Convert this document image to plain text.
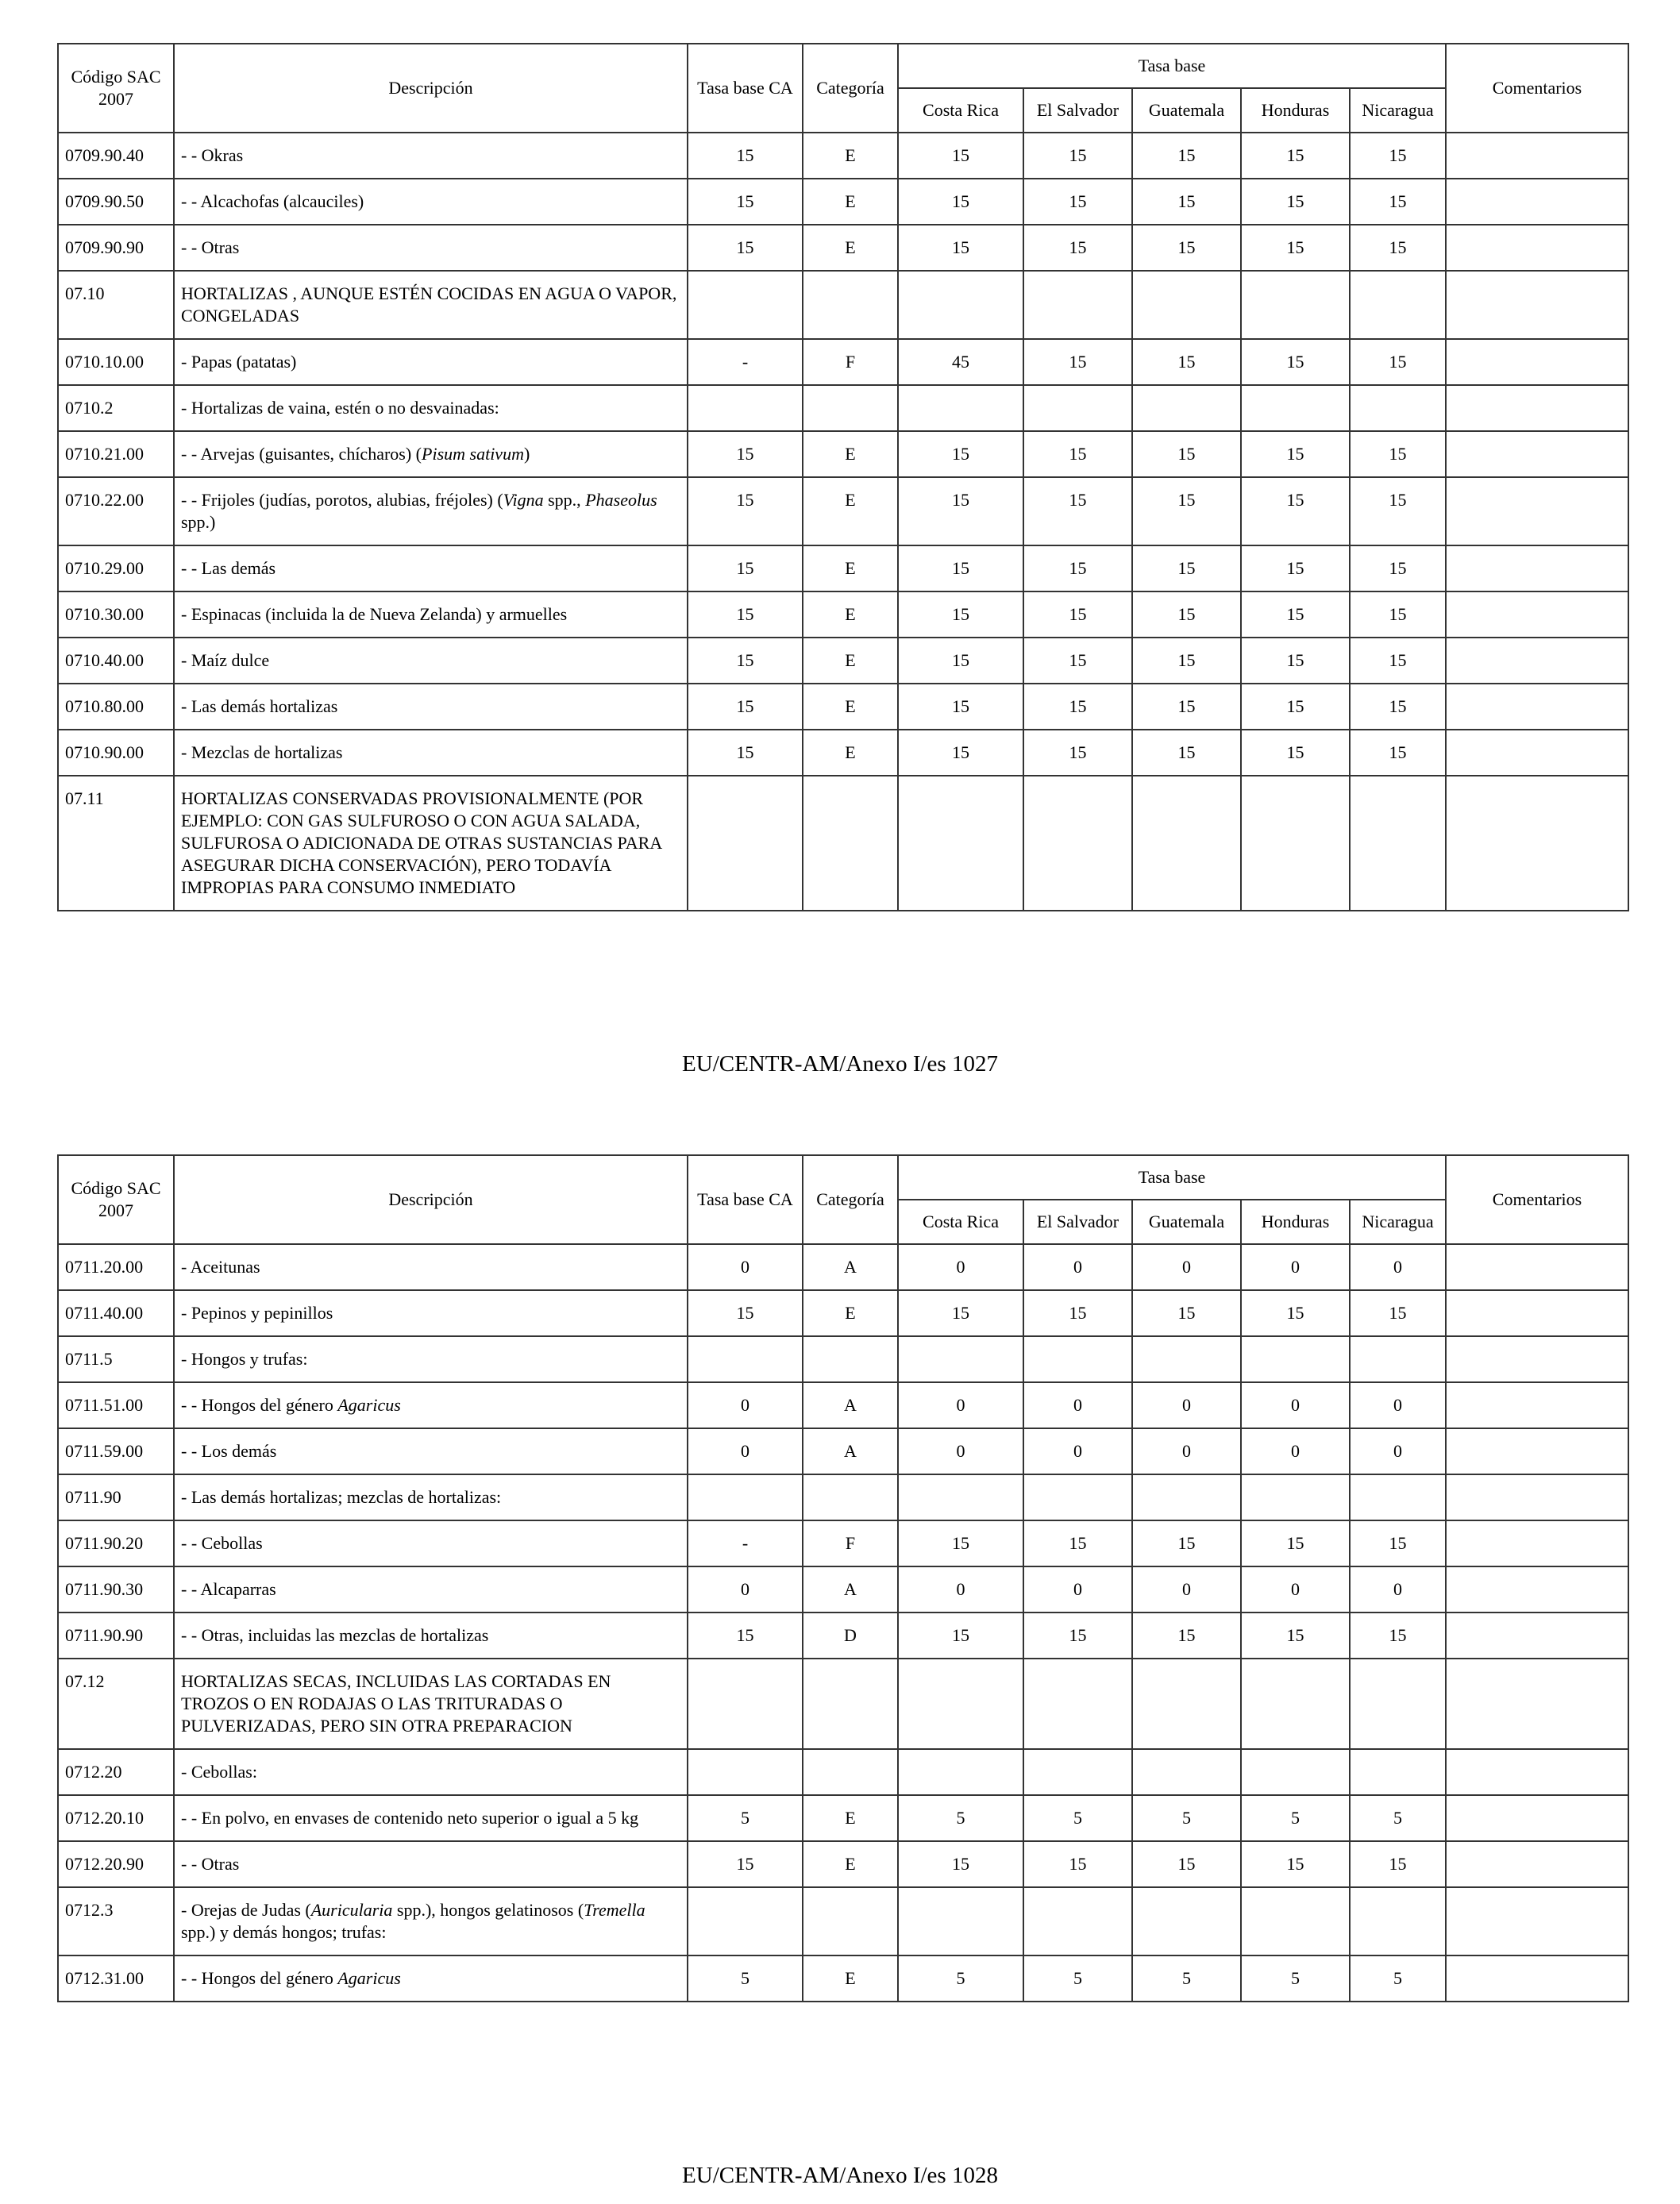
Código SAC 2007	Descripción	Tasa base CA	Categoría	Tasa base					Comentarios
				Costa Rica	El Salvador	Guatemala	Honduras	Nicaragua	
0709.90.40	- - Okras	15	E	15	15	15	15	15	
0709.90.50	- - Alcachofas (alcauciles)	15	E	15	15	15	15	15	
0709.90.90	- - Otras	15	E	15	15	15	15	15	
07.10	HORTALIZAS , AUNQUE ESTÉN COCIDAS EN AGUA O VAPOR, CONGELADAS								
0710.10.00	- Papas (patatas)	-	F	45	15	15	15	15	
0710.2	- Hortalizas de vaina, estén o no desvainadas:								
0710.21.00	- - Arvejas (guisantes, chícharos) (Pisum sativum)	15	E	15	15	15	15	15	
0710.22.00	- - Frijoles (judías, porotos, alubias, fréjoles) (Vigna spp., Phaseolus spp.)	15	E	15	15	15	15	15	
0710.29.00	- - Las demás	15	E	15	15	15	15	15	
0710.30.00	- Espinacas (incluida la de Nueva Zelanda) y armuelles	15	E	15	15	15	15	15	
0710.40.00	- Maíz dulce	15	E	15	15	15	15	15	
0710.80.00	- Las demás hortalizas	15	E	15	15	15	15	15	
0710.90.00	- Mezclas de hortalizas	15	E	15	15	15	15	15	
07.11	HORTALIZAS CONSERVADAS PROVISIONALMENTE (POR EJEMPLO: CON GAS SULFUROSO O CON AGUA SALADA, SULFUROSA O ADICIONADA DE OTRAS SUSTANCIAS PARA ASEGURAR DICHA CONSERVACIÓN), PERO TODAVÍA IMPROPIAS PARA CONSUMO INMEDIATO								
EU/CENTR-AM/Anexo I/es 1027
Código SAC 2007	Descripción	Tasa base CA	Categoría	Tasa base					Comentarios
				Costa Rica	El Salvador	Guatemala	Honduras	Nicaragua	
0711.20.00	- Aceitunas	0	A	0	0	0	0	0	
0711.40.00	- Pepinos y pepinillos	15	E	15	15	15	15	15	
0711.5	- Hongos y trufas:								
0711.51.00	- - Hongos del género Agaricus	0	A	0	0	0	0	0	
0711.59.00	- - Los demás	0	A	0	0	0	0	0	
0711.90	- Las demás hortalizas; mezclas de hortalizas:								
0711.90.20	- - Cebollas	-	F	15	15	15	15	15	
0711.90.30	- - Alcaparras	0	A	0	0	0	0	0	
0711.90.90	- - Otras, incluidas las mezclas de hortalizas	15	D	15	15	15	15	15	
07.12	HORTALIZAS SECAS, INCLUIDAS LAS CORTADAS EN TROZOS O EN RODAJAS O LAS TRITURADAS O PULVERIZADAS, PERO SIN OTRA PREPARACION								
0712.20	- Cebollas:								
0712.20.10	- - En polvo, en envases de contenido neto superior o igual a 5 kg	5	E	5	5	5	5	5	
0712.20.90	- - Otras	15	E	15	15	15	15	15	
0712.3	- Orejas de Judas (Auricularia spp.), hongos gelatinosos (Tremella spp.) y demás hongos; trufas:								
0712.31.00	- - Hongos del género Agaricus	5	E	5	5	5	5	5	
EU/CENTR-AM/Anexo I/es 1028
